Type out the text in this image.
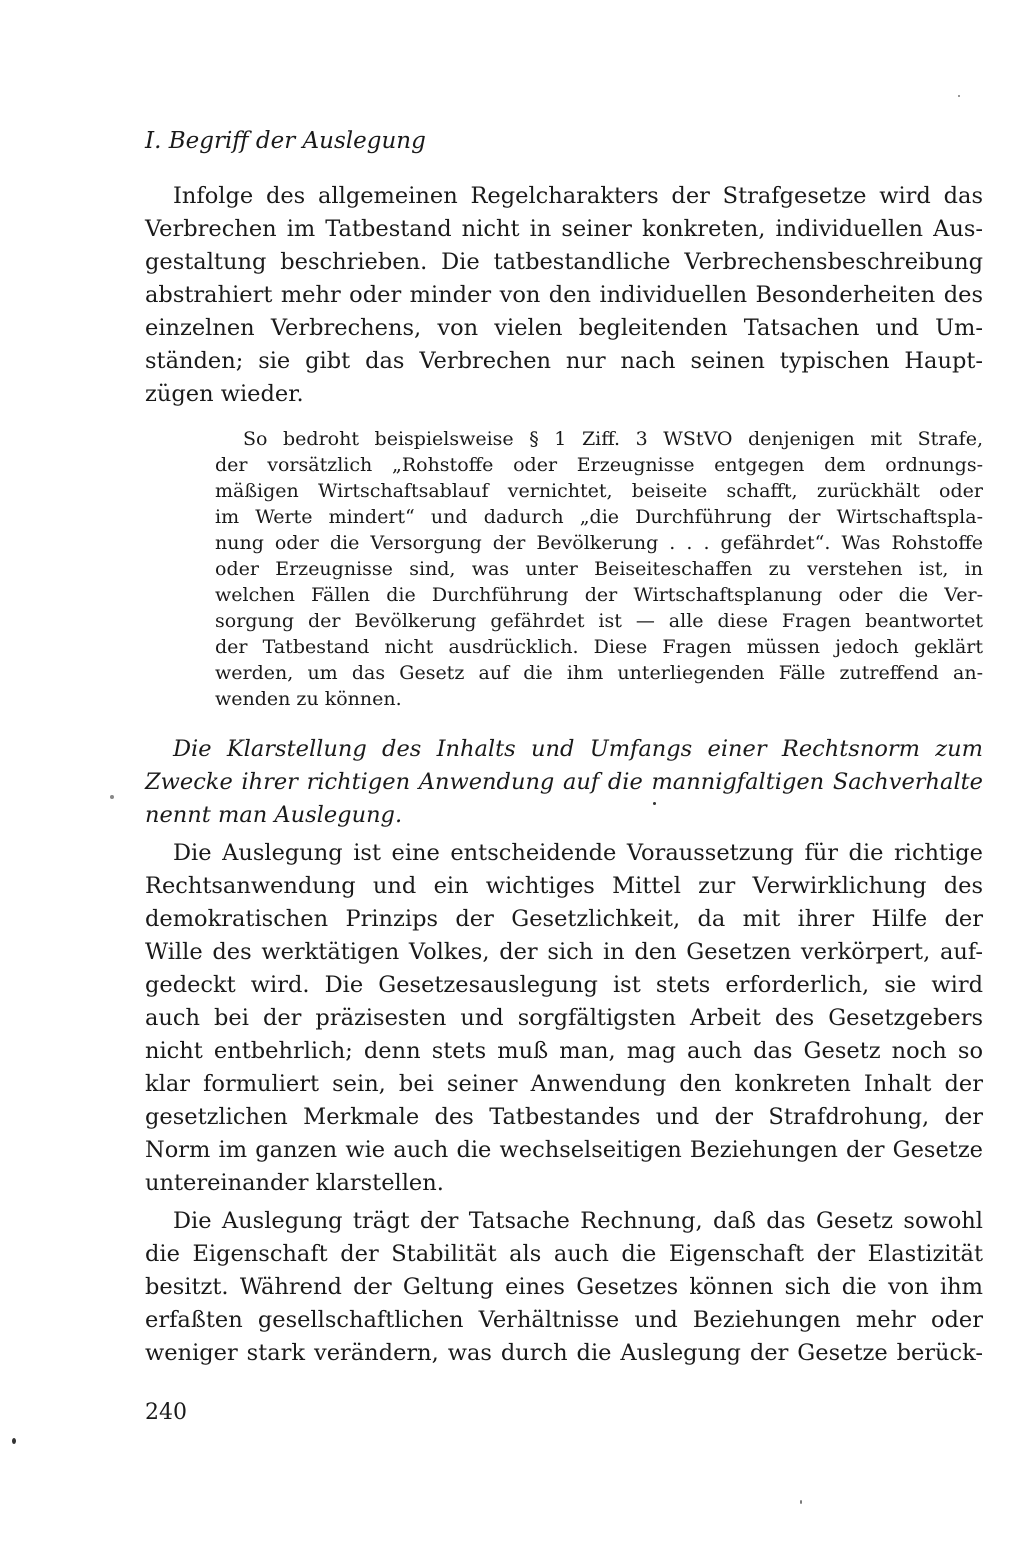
I. Begriff der Auslegung
Infolge des allgemeinen Regelcharakters der Strafgesetze wird das
Verbrechen im Tatbestand nicht in seiner konkreten, individuellen Aus-
gestaltung beschrieben. Die tatbestandliche Verbrechensbeschreibung
abstrahiert mehr oder minder von den individuellen Besonderheiten des
einzelnen Verbrechens, von vielen begleitenden Tatsachen und Um-
ständen; sie gibt das Verbrechen nur nach seinen typischen Haupt-
zügen wieder.
So bedroht beispielsweise § 1 Ziff. 3 WStVO denjenigen mit Strafe,
der vorsätzlich „Rohstoffe oder Erzeugnisse entgegen dem ordnungs-
mäßigen Wirtschaftsablauf vernichtet, beiseite schafft, zurückhält oder
im Werte mindert“ und dadurch „die Durchführung der Wirtschaftspla-
nung oder die Versorgung der Bevölkerung . . . gefährdet“. Was Rohstoffe
oder Erzeugnisse sind, was unter Beiseiteschaffen zu verstehen ist, in
welchen Fällen die Durchführung der Wirtschaftsplanung oder die Ver-
sorgung der Bevölkerung gefährdet ist — alle diese Fragen beantwortet
der Tatbestand nicht ausdrücklich. Diese Fragen müssen jedoch geklärt
werden, um das Gesetz auf die ihm unterliegenden Fälle zutreffend an-
wenden zu können.
Die Klarstellung des Inhalts und Umfangs einer Rechtsnorm zum
Zwecke ihrer richtigen Anwendung auf die mannigfaltigen Sachverhalte
nennt man Auslegung.
Die Auslegung ist eine entscheidende Voraussetzung für die richtige
Rechtsanwendung und ein wichtiges Mittel zur Verwirklichung des
demokratischen Prinzips der Gesetzlichkeit, da mit ihrer Hilfe der
Wille des werktätigen Volkes, der sich in den Gesetzen verkörpert, auf-
gedeckt wird. Die Gesetzesauslegung ist stets erforderlich, sie wird
auch bei der präzisesten und sorgfältigsten Arbeit des Gesetzgebers
nicht entbehrlich; denn stets muß man, mag auch das Gesetz noch so
klar formuliert sein, bei seiner Anwendung den konkreten Inhalt der
gesetzlichen Merkmale des Tatbestandes und der Strafdrohung, der
Norm im ganzen wie auch die wechselseitigen Beziehungen der Gesetze
untereinander klarstellen.
Die Auslegung trägt der Tatsache Rechnung, daß das Gesetz sowohl
die Eigenschaft der Stabilität als auch die Eigenschaft der Elastizität
besitzt. Während der Geltung eines Gesetzes können sich die von ihm
erfaßten gesellschaftlichen Verhältnisse und Beziehungen mehr oder
weniger stark verändern, was durch die Auslegung der Gesetze berück-
240
